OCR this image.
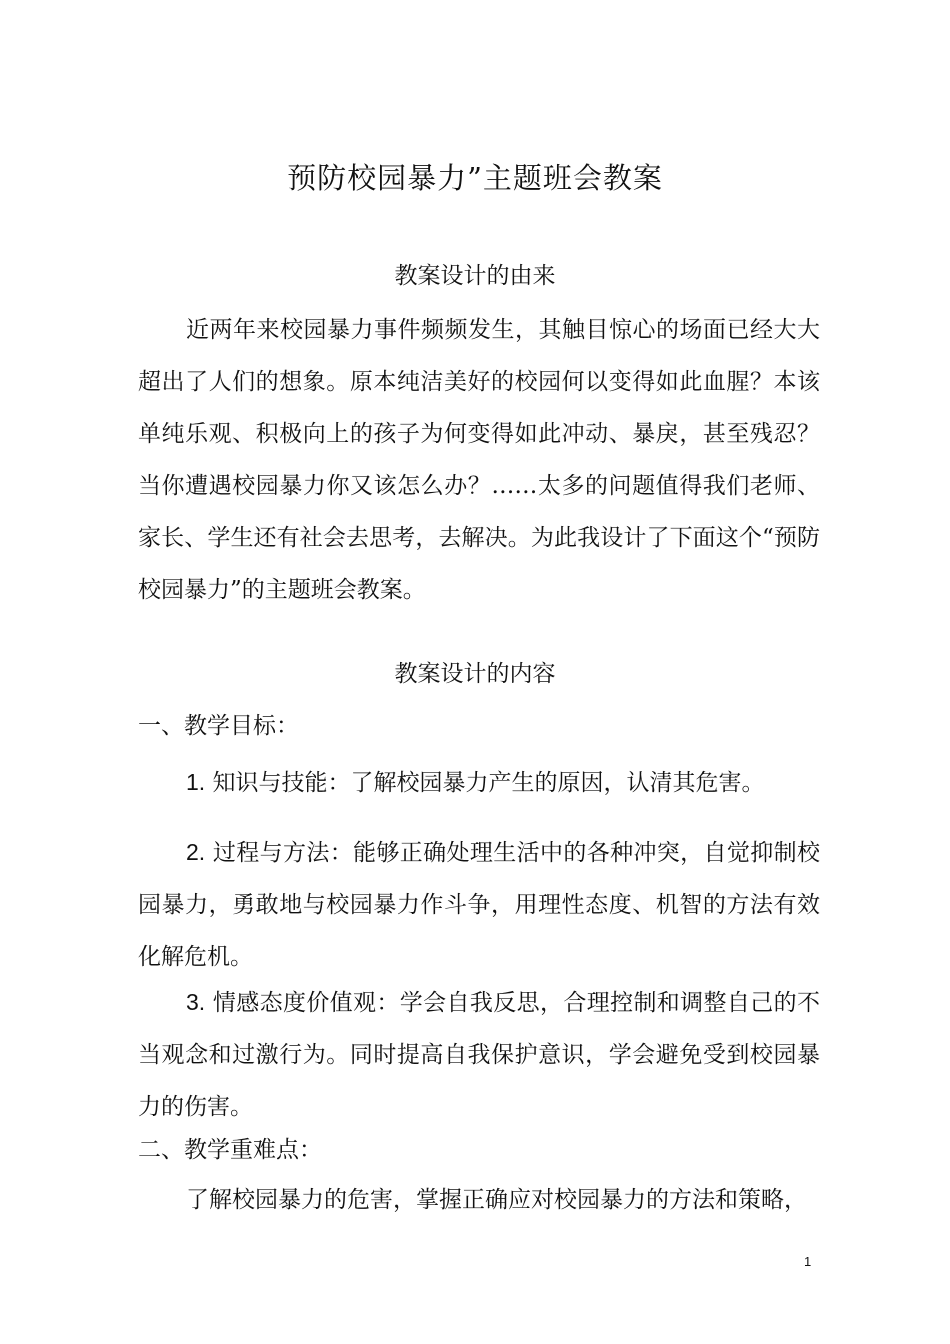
预防校园暴力”主题班会教案
教案设计的由来

近两年来校园暴力事件频频发生，其触目惊心的场面已经大大超出了人们的想象。原本纯洁美好的校园何以变得如此血腥？本该单纯乐观、积极向上的孩子为何变得如此冲动、暴戾，甚至残忍？当你遭遇校园暴力你又该怎么办？……太多的问题值得我们老师、家长、学生还有社会去思考，去解决。为此我设计了下面这个“预防校园暴力”的主题班会教案。

教案设计的内容
一、教学目标：

1. 知识与技能：了解校园暴力产生的原因，认清其危害。

2. 过程与方法：能够正确处理生活中的各种冲突，自觉抑制校园暴力，勇敢地与校园暴力作斗争，用理性态度、机智的方法有效化解危机。

3. 情感态度价值观：学会自我反思，合理控制和调整自己的不当观念和过激行为。同时提高自我保护意识，学会避免受到校园暴力的伤害。

二、教学重难点：

了解校园暴力的危害，掌握正确应对校园暴力的方法和策略，

1
